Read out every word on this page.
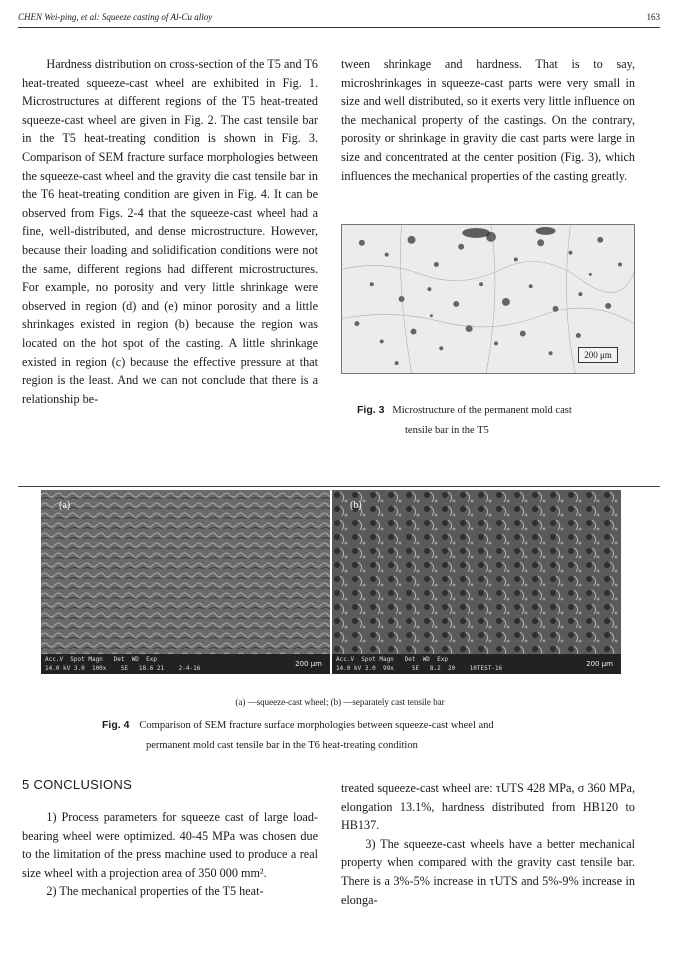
CHEN Wei-ping, et al: Squeeze casting of Al-Cu alloy	163

Hardness distribution on cross-section of the T5 and T6 heat-treated squeeze-cast wheel are exhibited in Fig. 1. Microstructures at different regions of the T5 heat-treated squeeze-cast wheel are given in Fig. 2. The cast tensile bar in the T5 heat-treating condition is shown in Fig. 3. Comparison of SEM fracture surface morphologies between the squeeze-cast wheel and the gravity die cast tensile bar in the T6 heat-treating condition are given in Fig. 4. It can be observed from Figs. 2-4 that the squeeze-cast wheel had a fine, well-distributed, and dense microstructure. However, because their loading and solidification conditions were not the same, different regions had different microstructures. For example, no porosity and very little shrinkage were observed in region (d) and (e) minor porosity and a little shrinkages existed in region (b) because the region was located on the hot spot of the casting. A little shrinkage existed in region (c) because the effective pressure at that region is the least. And we can not conclude that there is a relationship be-

tween shrinkage and hardness. That is to say, microshrinkages in squeeze-cast parts were very small in size and well distributed, so it exerts very little influence on the mechanical property of the castings. On the contrary, porosity or shrinkage in gravity die cast parts were large in size and concentrated at the center position (Fig. 3), which influences the mechanical properties of the casting greatly.

200 μm
Fig. 3 Microstructure of the permanent mold cast
tensile bar in the T5
(a)
Acc.V  Spot Magn   Det  WD  Exp
14.0 kV 3.0  100x    SE   18.6 21    2-4-16
200 μm
(b)
Acc.V  Spot Magn   Det  WD  Exp
14.0 kV 3.0  99x     SE   8.2  20    10TEST-16
200 μm
(a) —squeeze-cast wheel; (b) —separately cast tensile bar
Fig. 4 Comparison of SEM fracture surface morphologies between squeeze-cast wheel and
permanent mold cast tensile bar in the T6 heat-treating condition
5 CONCLUSIONS

1) Process parameters for squeeze cast of large load-bearing wheel were optimized. 40-45 MPa was chosen due to the limitation of the press machine used to produce a real size wheel with a projection area of 350 000 mm².

2) The mechanical properties of the T5 heat-

treated squeeze-cast wheel are: τUTS 428 MPa, σ 360 MPa, elongation 13.1%, hardness distributed from HB120 to HB137.

3) The squeeze-cast wheels have a better mechanical property when compared with the gravity cast tensile bar. There is a 3%-5% increase in τUTS and 5%-9% increase in elonga-
